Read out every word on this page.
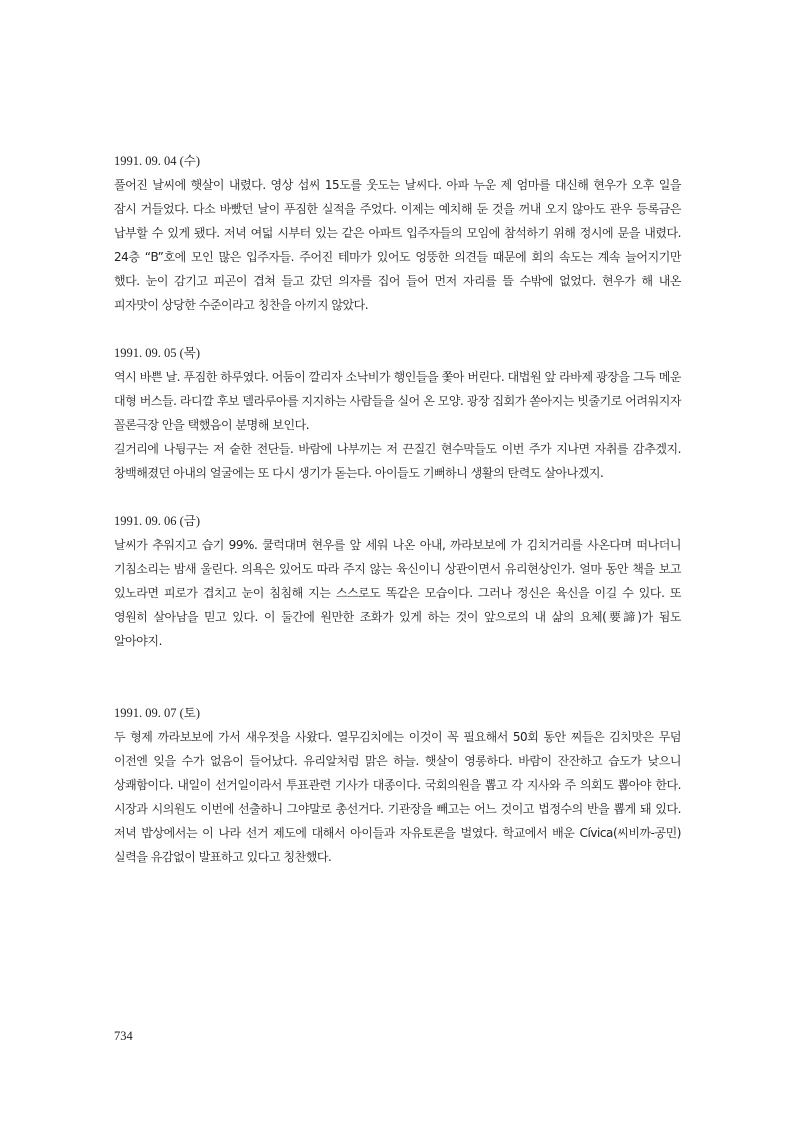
1991. 09. 04 (수)

풀어진 날씨에 햇살이 내렸다. 영상 섭씨 15도를 웃도는 날씨다. 아파 누운 제 엄마를 대신해 현우가 오후 일을 잠시 거들었다. 다소 바빴던 날이 푸짐한 실적을 주었다. 이제는 예치해 둔 것을 꺼내 오지 않아도 관우 등록금은 납부할 수 있게 됐다. 저녁 여덟 시부터 있는 같은 아파트 입주자들의 모임에 참석하기 위해 정시에 문을 내렸다. 24층 “B”호에 모인 많은 입주자들. 주어진 테마가 있어도 엉뚱한 의견들 때문에 회의 속도는 계속 늘어지기만 했다. 눈이 감기고 피곤이 겹쳐 들고 갔던 의자를 집어 들어 먼저 자리를 뜰 수밖에 없었다. 현우가 해 내온 피자맛이 상당한 수준이라고 칭찬을 아끼지 않았다.

1991. 09. 05 (목)

역시 바쁜 날. 푸짐한 하루였다. 어둠이 깔리자 소낙비가 행인들을 쫓아 버린다. 대법원 앞 라바제 광장을 그득 메운 대형 버스들. 라디깔 후보 델라루아를 지지하는 사람들을 실어 온 모양. 광장 집회가 쏟아지는 빗줄기로 어려워지자 꼴론극장 안을 택했음이 분명해 보인다.

길거리에 나뒹구는 저 숱한 전단들. 바람에 나부끼는 저 끈질긴 현수막들도 이번 주가 지나면 자취를 감추겠지. 창백해졌던 아내의 얼굴에는 또 다시 생기가 돋는다. 아이들도 기뻐하니 생활의 탄력도 살아나겠지.

1991. 09. 06 (금)

날씨가 추워지고 습기 99%. 쿨럭대며 현우를 앞 세워 나온 아내, 까라보보에 가 김치거리를 사온다며 떠나더니 기침소리는 밤새 울린다. 의욕은 있어도 따라 주지 않는 육신이니 상관이면서 유리현상인가. 얼마 동안 책을 보고 있노라면 피로가 겹치고 눈이 침침해 지는 스스로도 똑같은 모습이다. 그러나 정신은 육신을 이길 수 있다. 또 영원히 살아남을 믿고 있다. 이 둘간에 원만한 조화가 있게 하는 것이 앞으로의 내 삶의 요체(要諦)가 됨도 알아야지.

1991. 09. 07 (토)

두 형제 까라보보에 가서 새우젓을 사왔다. 열무김치에는 이것이 꼭 필요해서 50회 동안 찌들은 김치맛은 무덤 이전엔 잊을 수가 없음이 들어났다. 유리알처럼 맑은 하늘. 햇살이 영롱하다. 바람이 잔잔하고 습도가 낮으니 상쾌함이다. 내일이 선거일이라서 투표관련 기사가 대종이다. 국회의원을 뽑고 각 지사와 주 의회도 뽑아야 한다. 시장과 시의원도 이번에 선출하니 그야말로 총선거다. 기관장을 빼고는 어느 것이고 법정수의 반을 뽑게 돼 있다. 저녁 밥상에서는 이 나라 선거 제도에 대해서 아이들과 자유토론을 벌였다. 학교에서 배운 Cívica(씨비까-공민)실력을 유감없이 발표하고 있다고 칭찬했다.

734
